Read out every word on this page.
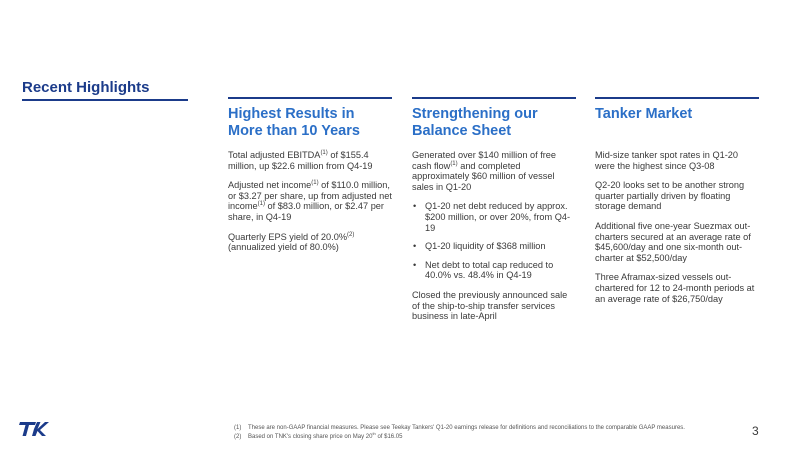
Recent Highlights
Highest Results in
More than 10 Years

Total adjusted EBITDA$^{(1)}$ of $155.4 million, up $22.6 million from Q4-19

Adjusted net income$^{(1)}$ of $110.0 million, or $3.27 per share, up from adjusted net income$^{(1)}$ of $83.0 million, or $2.47 per share, in Q4-19

Quarterly EPS yield of 20.0%$^{(2)}$ (annualized yield of 80.0%)

Strengthening our
Balance Sheet

Generated over $140 million of free cash flow$^{(1)}$ and completed approximately $60 million of vessel sales in Q1-20

• Q1-20 net debt reduced by approx. $200 million, or over 20%, from Q4-19
• Q1-20 liquidity of $368 million
• Net debt to total cap reduced to 40.0% vs. 48.4% in Q4-19

Closed the previously announced sale of the ship-to-ship transfer services business in late-April

Tanker Market

Mid-size tanker spot rates in Q1-20 were the highest since Q3-08

Q2-20 looks set to be another strong quarter partially driven by floating storage demand

Additional five one-year Suezmax out-charters secured at an average rate of $45,600/day and one six-month out-charter at $52,500/day

Three Aframax-sized vessels out-chartered for 12 to 24-month periods at an average rate of $26,750/day

(1)	These are non-GAAP financial measures. Please see Teekay Tankers' Q1-20 earnings release for definitions and reconciliations to the comparable GAAP measures.
(2)	Based on TNK's closing share price on May 20th of $16.05	3
